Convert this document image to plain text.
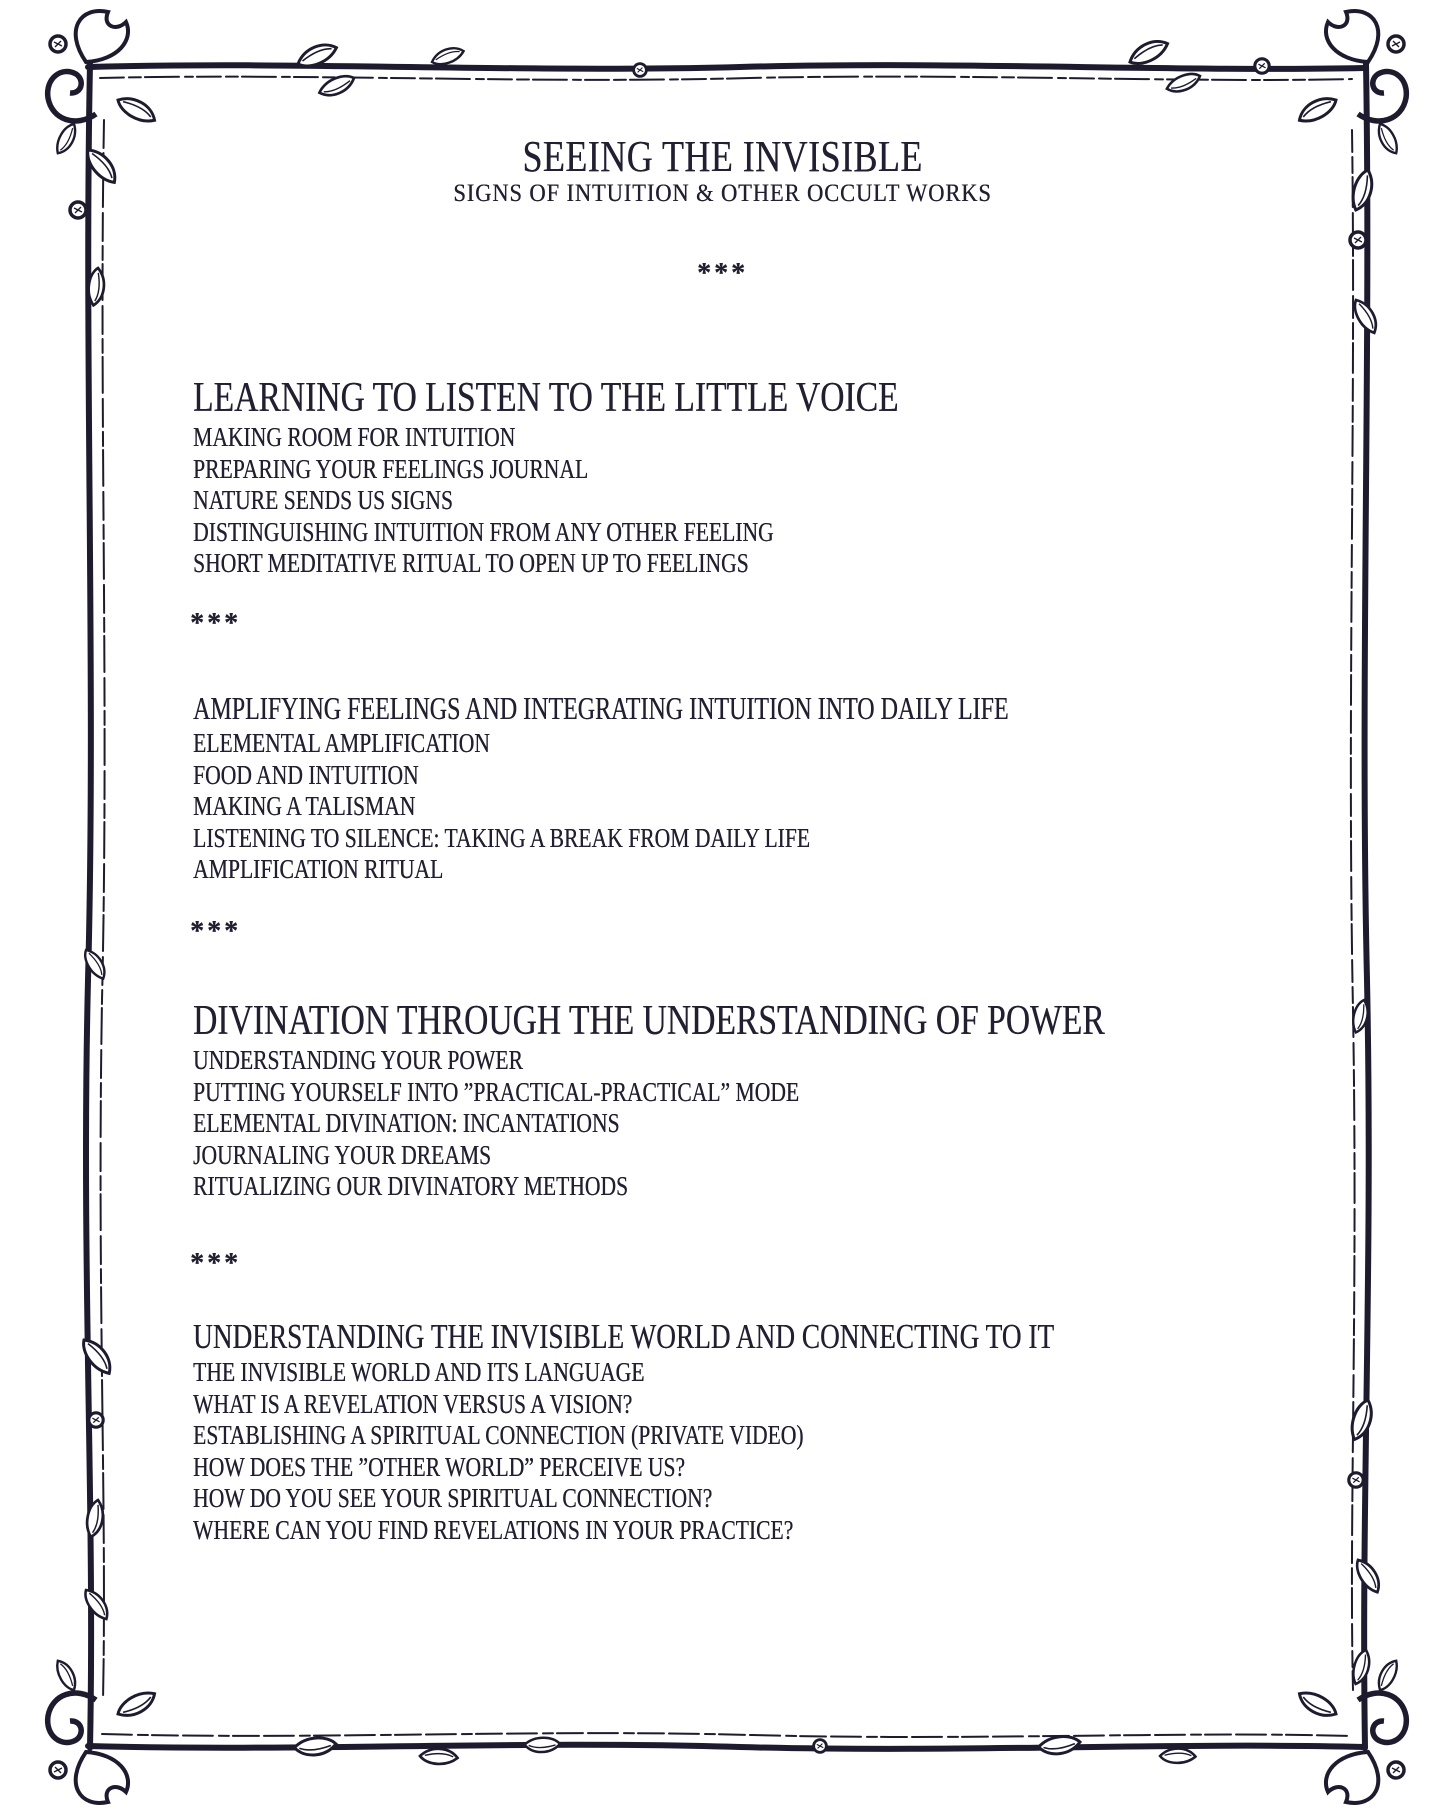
SEEING THE INVISIBLE
SIGNS OF INTUITION & OTHER OCCULT WORKS
***
LEARNING TO LISTEN TO THE LITTLE VOICE
MAKING ROOM FOR INTUITION
PREPARING YOUR FEELINGS JOURNAL
NATURE SENDS US SIGNS
DISTINGUISHING INTUITION FROM ANY OTHER FEELING
SHORT MEDITATIVE RITUAL TO OPEN UP TO FEELINGS
***
AMPLIFYING FEELINGS AND INTEGRATING INTUITION INTO DAILY LIFE
ELEMENTAL AMPLIFICATION
FOOD AND INTUITION
MAKING A TALISMAN
LISTENING TO SILENCE: TAKING A BREAK FROM DAILY LIFE
AMPLIFICATION RITUAL
***
DIVINATION THROUGH THE UNDERSTANDING OF POWER
UNDERSTANDING YOUR POWER
PUTTING YOURSELF INTO ”PRACTICAL-PRACTICAL” MODE
ELEMENTAL DIVINATION: INCANTATIONS
JOURNALING YOUR DREAMS
RITUALIZING OUR DIVINATORY METHODS
***
UNDERSTANDING THE INVISIBLE WORLD AND CONNECTING TO IT
THE INVISIBLE WORLD AND ITS LANGUAGE
WHAT IS A REVELATION VERSUS A VISION?
ESTABLISHING A SPIRITUAL CONNECTION (PRIVATE VIDEO)
HOW DOES THE ”OTHER WORLD” PERCEIVE US?
HOW DO YOU SEE YOUR SPIRITUAL CONNECTION?
WHERE CAN YOU FIND REVELATIONS IN YOUR PRACTICE?
